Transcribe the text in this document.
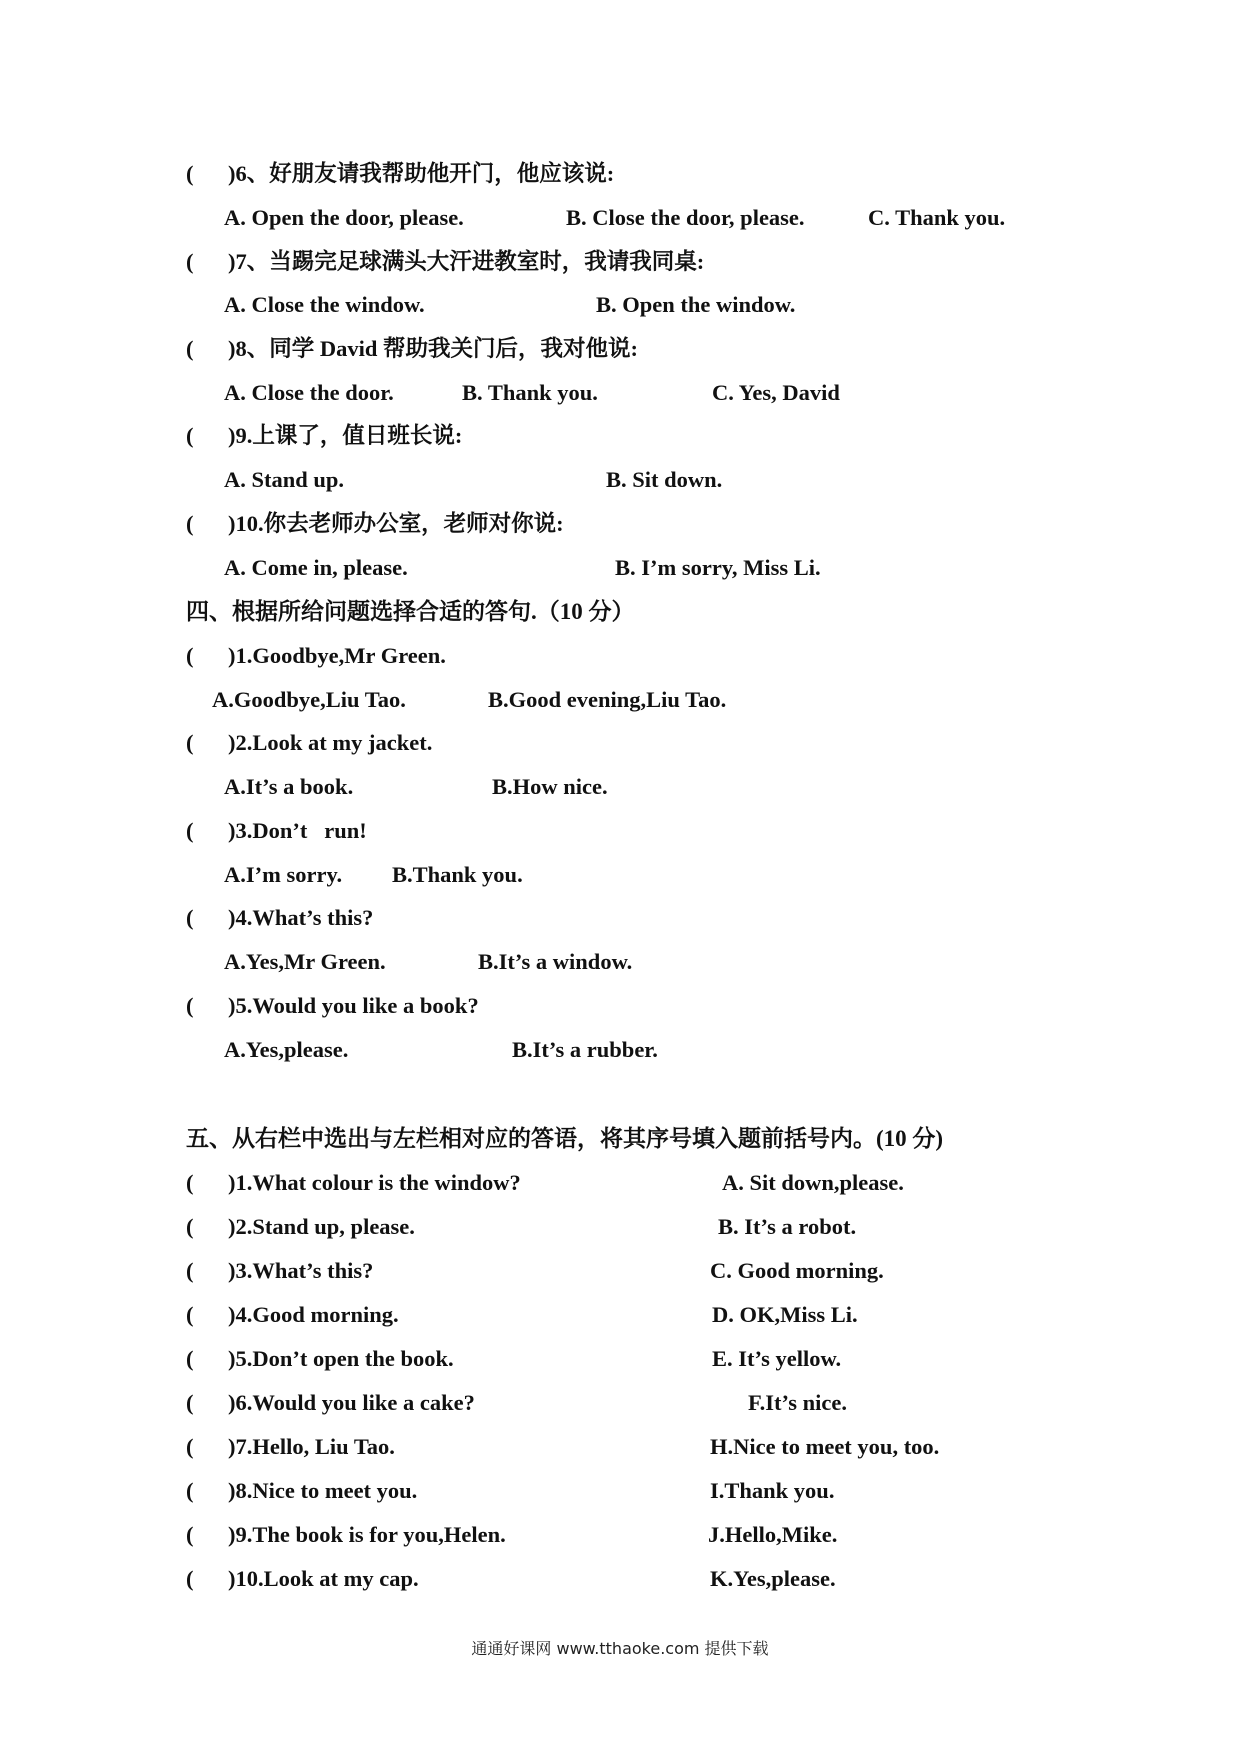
( )6、好朋友请我帮助他开门，他应该说:
A. Open the door, please.	B. Close the door, please.	C. Thank you.
( )7、当踢完足球满头大汗进教室时，我请我同桌:
A. Close the window.	B. Open the window.
( )8、同学 David 帮助我关门后，我对他说:
A. Close the door.	B. Thank you.	C. Yes, David
( )9.上课了，值日班长说:
A. Stand up.	B. Sit down.
( )10.你去老师办公室，老师对你说:
A. Come in, please.	B. I’m sorry, Miss Li.
四、根据所给问题选择合适的答句.（10 分）
( )1.Goodbye,Mr Green.
A.Goodbye,Liu Tao.	B.Good evening,Liu Tao.
( )2.Look at my jacket.
A.It’s a book.	B.How nice.
( )3.Don’t   run!
A.I’m sorry. B.Thank you.
( )4.What’s this?
A.Yes,Mr Green.	B.It’s a window.
( )5.Would you like a book?
A.Yes,please.	B.It’s a rubber.
五、从右栏中选出与左栏相对应的答语，将其序号填入题前括号内。(10 分)
( )1.What colour is the window?	A. Sit down,please.
( )2.Stand up, please.	B. It’s a robot.
( )3.What’s this?	C. Good morning.
( )4.Good morning.	D. OK,Miss Li.
( )5.Don’t open the book.	E. It’s yellow.
( )6.Would you like a cake?	F.It’s nice.
( )7.Hello, Liu Tao.	H.Nice to meet you, too.
( )8.Nice to meet you.	I.Thank you.
( )9.The book is for you,Helen.	J.Hello,Mike.
( )10.Look at my cap.	K.Yes,please.
通通好课网 www.tthaoke.com 提供下载
